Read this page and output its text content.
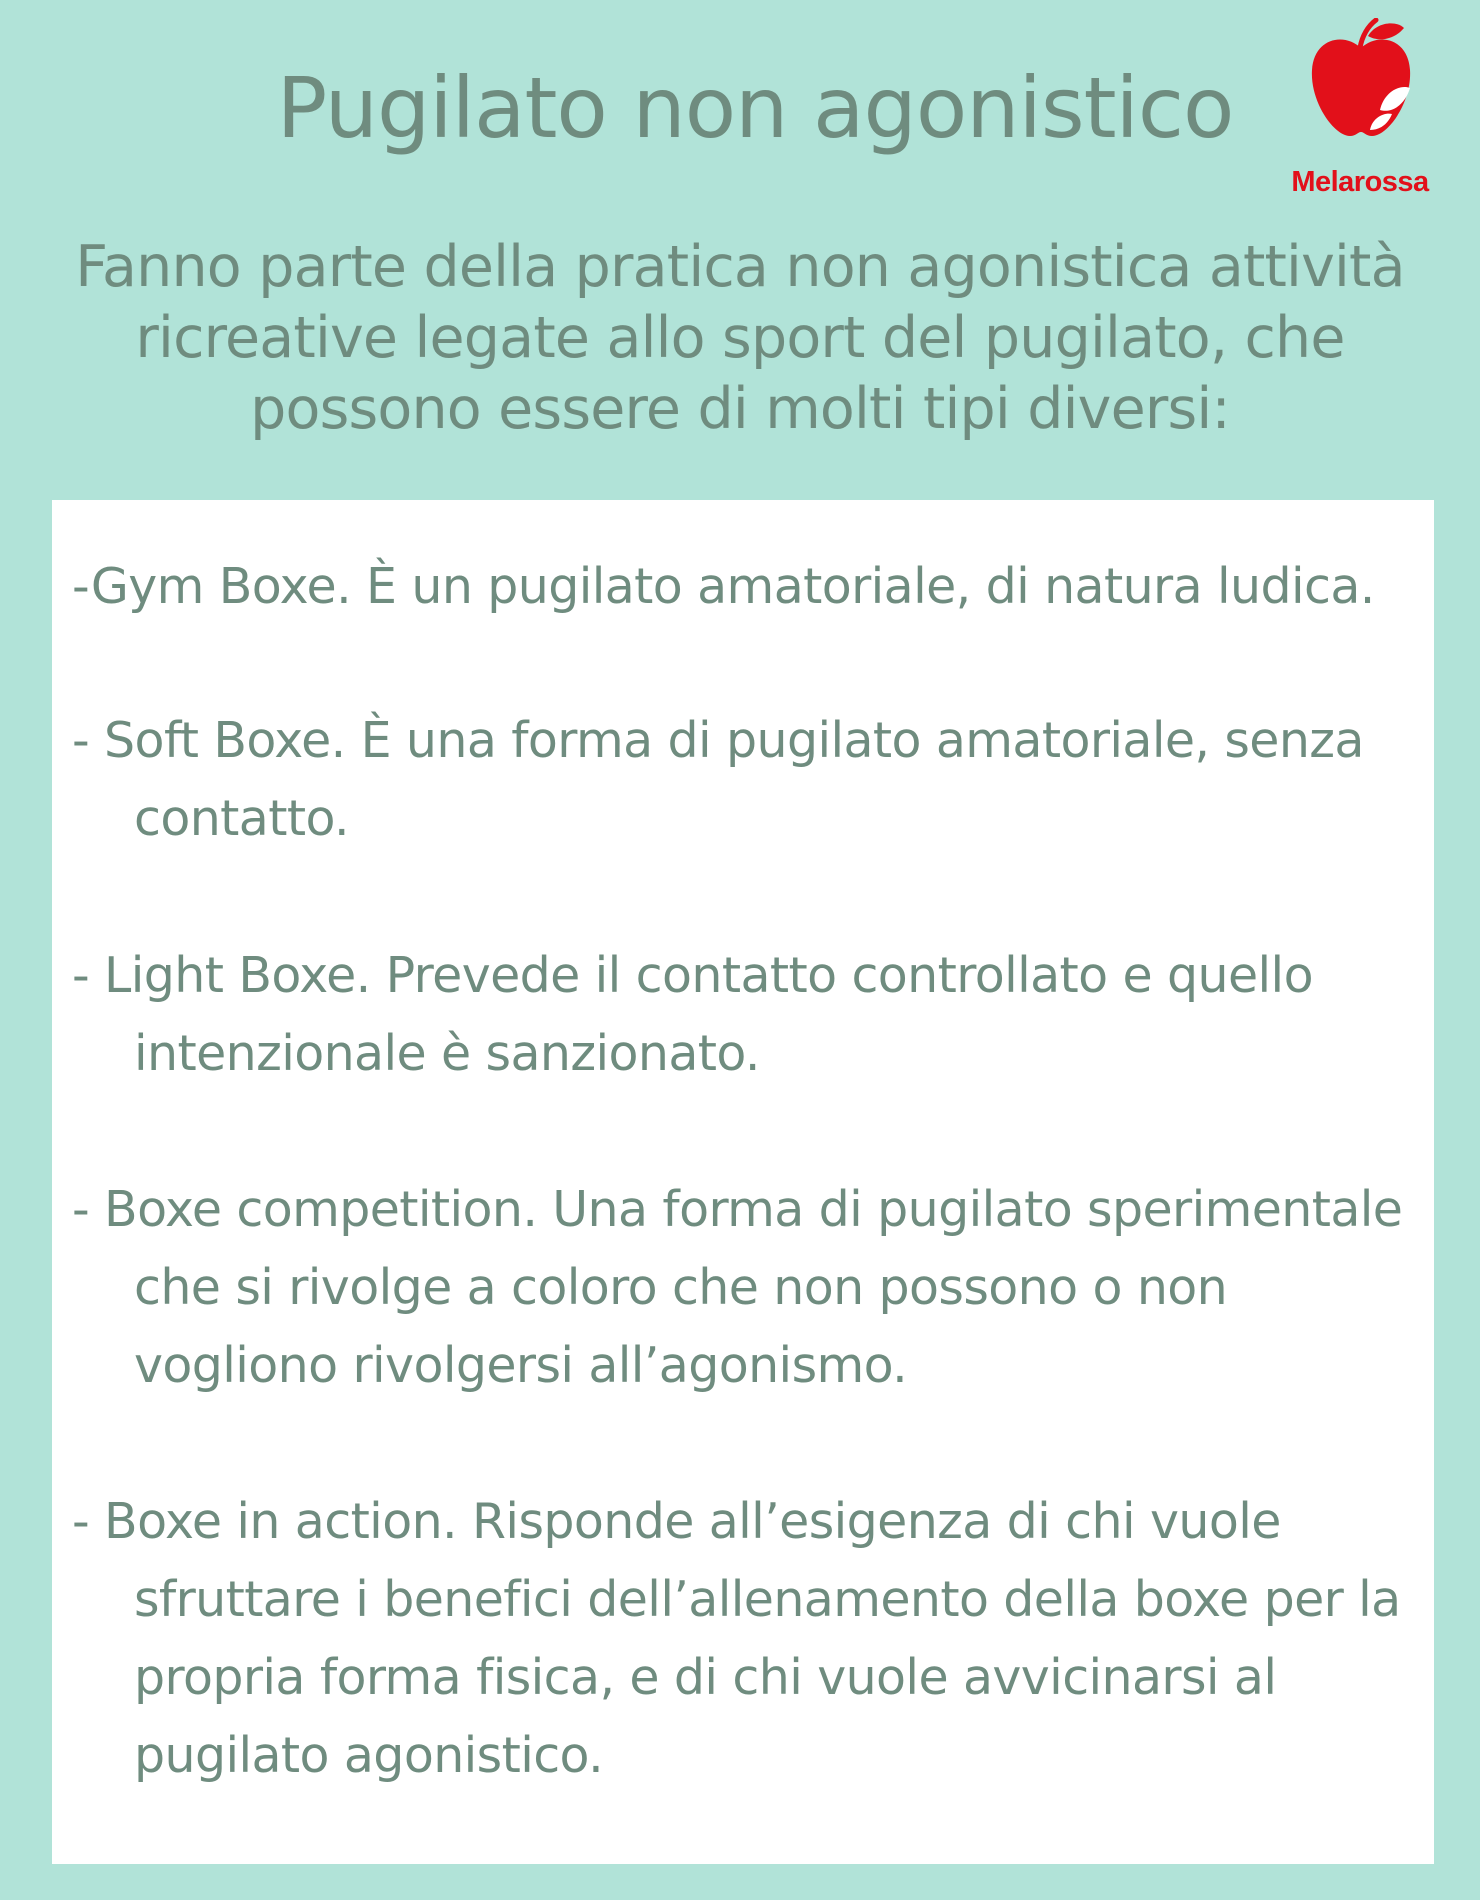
Pugilato non agonistico
Melarossa

Fanno parte della pratica non agonistica attività ricreative legate allo sport del pugilato, che possono essere di molti tipi diversi:

-Gym Boxe. È un pugilato amatoriale, di natura ludica.
- Soft Boxe. È una forma di pugilato amatoriale, senza contatto.
- Light Boxe. Prevede il contatto controllato e quello intenzionale è sanzionato.
- Boxe competition. Una forma di pugilato sperimentale che si rivolge a coloro che non possono o non vogliono rivolgersi all’agonismo.
- Boxe in action. Risponde all’esigenza di chi vuole sfruttare i benefici dell’allenamento della boxe per la propria forma fisica, e di chi vuole avvicinarsi al pugilato agonistico.
